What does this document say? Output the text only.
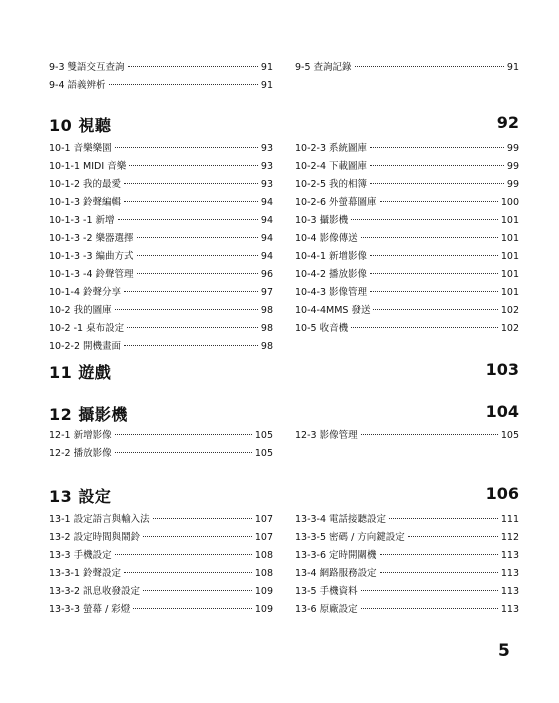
9-3 雙語交互查詢	91
9-4 語義辨析	91
9-5 查詢記錄	91
10 視聽	92
10-1 音樂樂園	93
10-1-1 MIDI 音樂	93
10-1-2 我的最愛	93
10-1-3 鈴聲編輯	94
10-1-3 -1 新增	94
10-1-3 -2 樂器選擇	94
10-1-3 -3 編曲方式	94
10-1-3 -4 鈴聲管理	96
10-1-4 鈴聲分享	97
10-2 我的圖庫	98
10-2 -1 桌布設定	98
10-2-2 開機畫面	98
10-2-3 系統圖庫	99
10-2-4 下載圖庫	99
10-2-5 我的相簿	99
10-2-6 外螢幕圖庫	100
10-3 攝影機	101
10-4 影像傳送	101
10-4-1 新增影像	101
10-4-2 播放影像	101
10-4-3 影像管理	101
10-4-4MMS 發送	102
10-5 收音機	102
11 遊戲	103
12 攝影機	104
12-1 新增影像	105
12-2 播放影像	105
12-3 影像管理	105
13 設定	106
13-1 設定語言與輸入法	107
13-2 設定時間與鬧鈴	107
13-3 手機設定	108
13-3-1 鈴聲設定	108
13-3-2 訊息收發設定	109
13-3-3 螢幕 / 彩燈	109
13-3-4 電話接聽設定	111
13-3-5 密碼 / 方向鍵設定	112
13-3-6 定時開關機	113
13-4 網路服務設定	113
13-5 手機資料	113
13-6 原廠設定	113
5
